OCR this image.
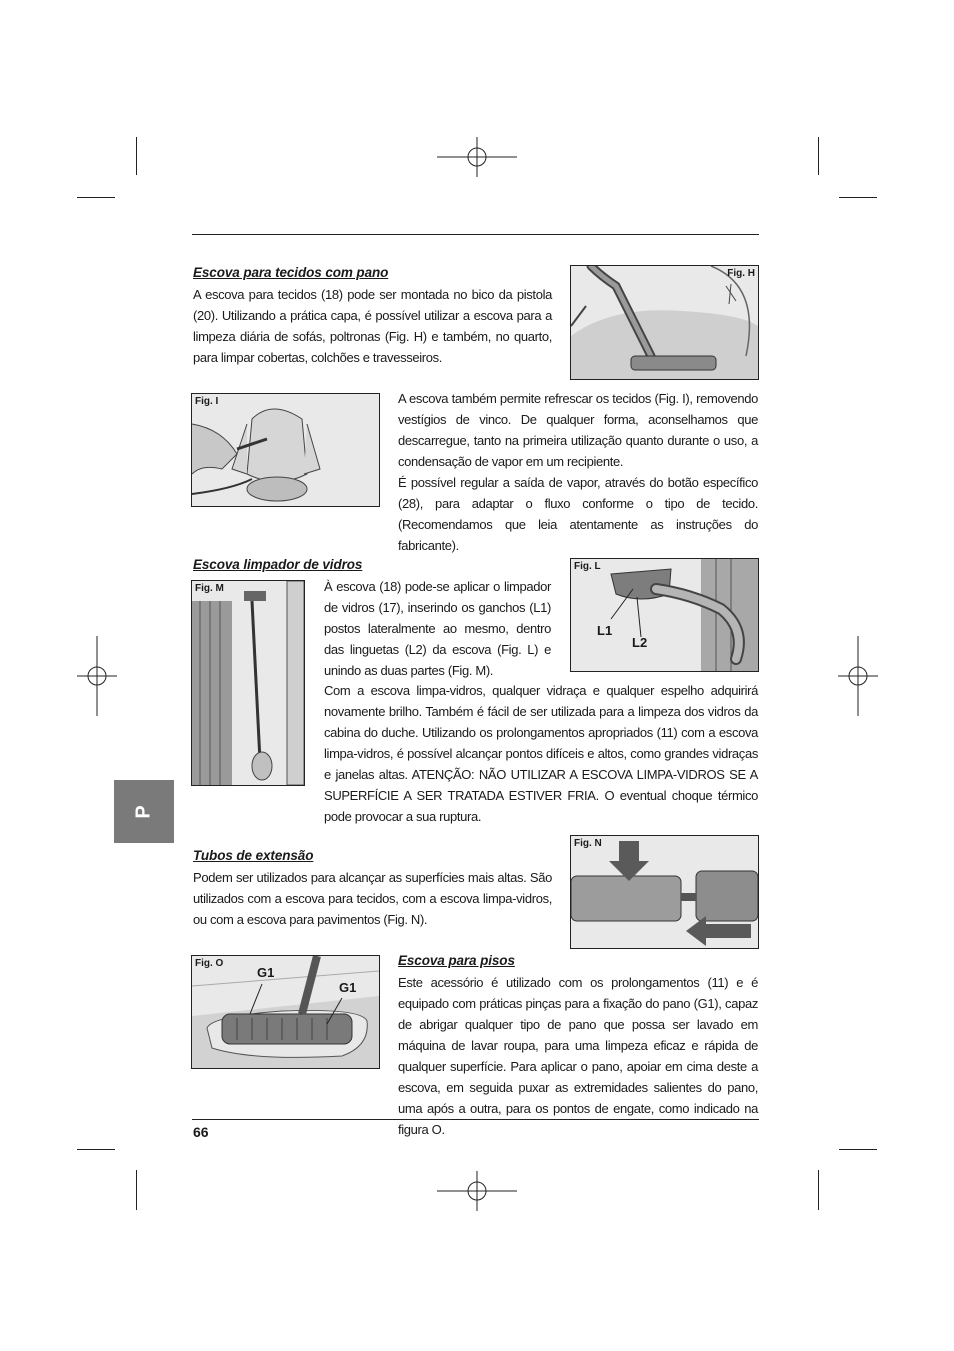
Escova para tecidos com pano

A escova para tecidos (18) pode ser montada no bico da pistola (20). Utilizando a prática capa, é possível utilizar a escova para a limpeza diária de sofás, poltronas (Fig. H) e também, no quarto, para limpar cobertas, colchões e travesseiros.

Fig. H
Fig. I	A escova também permite refrescar os tecidos (Fig. I), removendo vestígios de vinco. De qualquer forma, aconselhamos que descarregue, tanto na primeira utilização quanto durante o uso, a condensação de vapor em um recipiente.

É possível regular a saída de vapor, através do botão específico (28), para adaptar o fluxo conforme o tipo de tecido. (Recomendamos que leia atentamente as instruções do fabricante).

Escova limpador de vidros
Fig. M	À escova (18) pode-se aplicar o limpador de vidros (17), inserindo os ganchos (L1) postos lateralmente ao mesmo, dentro das linguetas (L2) da escova (Fig. L) e unindo as duas partes (Fig. M).

Fig. L
L1
L2

Com a escova limpa-vidros, qualquer vidraça e qualquer espelho adquirirá novamente brilho. Também é fácil de ser utilizada para a limpeza dos vidros da cabina do duche. Utilizando os prolongamentos apropriados (11) com a escova limpa-vidros, é possível alcançar pontos difíceis e altos, como grandes vidraças e janelas altas. ATENÇÃO: NÃO UTILIZAR A ESCOVA LIMPA-VIDROS SE A SUPERFÍCIE A SER TRATADA ESTIVER FRIA. O eventual choque térmico pode provocar a sua ruptura.

P
Tubos de extensão

Podem ser utilizados para alcançar as superfícies mais altas. São utilizados com a escova para tecidos, com a escova limpa-vidros, ou com a escova para pavimentos (Fig. N).

Fig. N
Fig. O
G1
G1
Escova para pisos

Este acessório é utilizado com os prolongamentos (11) e é equipado com práticas pinças para a fixação do pano (G1), capaz de abrigar qualquer tipo de pano que possa ser lavado em máquina de lavar roupa, para uma limpeza eficaz e rápida de qualquer superfície. Para aplicar o pano, apoiar em cima deste a escova, em seguida puxar as extremidades salientes do pano, uma após a outra, para os pontos de engate, como indicado na figura O.

66
